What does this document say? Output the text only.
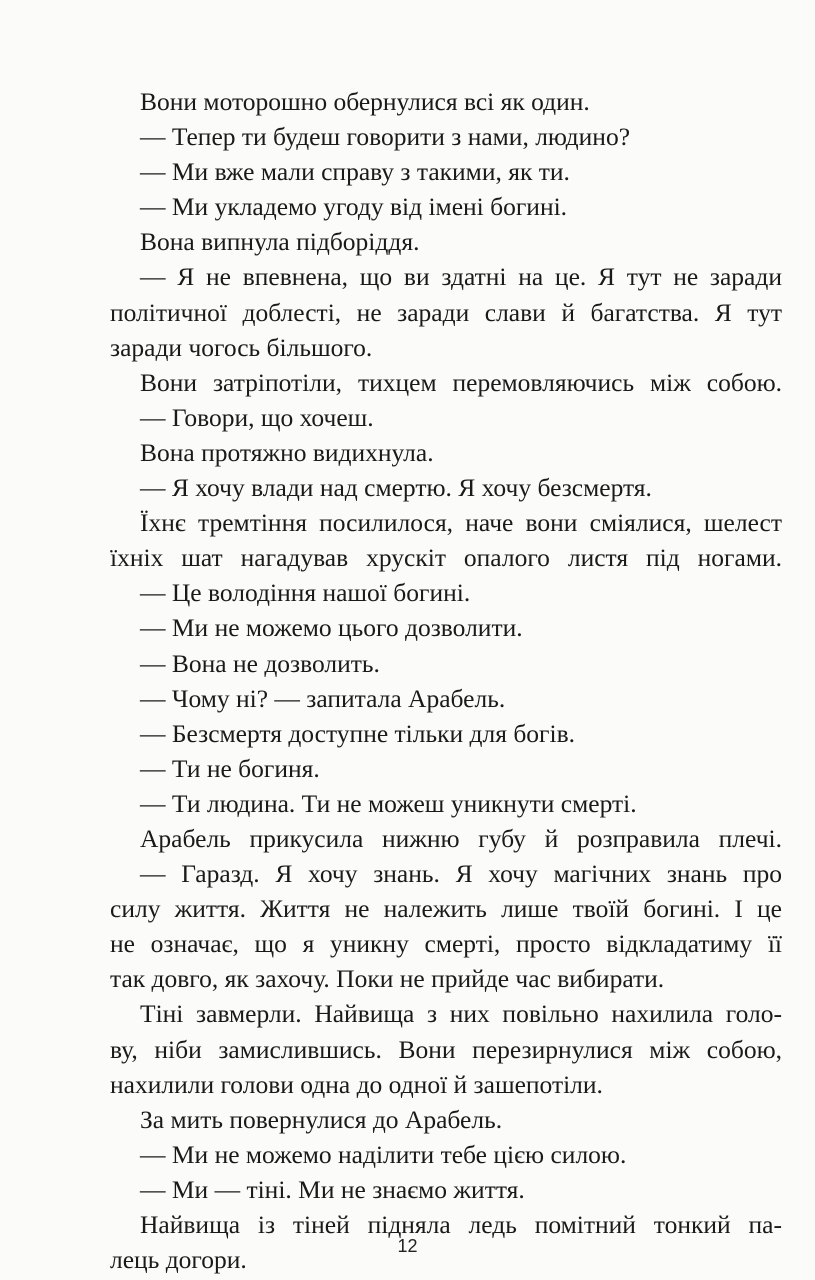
Вони моторошно обернулися всі як один.
— Тепер ти будеш говорити з нами, людино?
— Ми вже мали справу з такими, як ти.
— Ми укладемо угоду від імені богині.
Вона випнула підборіддя.
— Я не впевнена, що ви здатні на це. Я тут не заради
політичної доблесті, не заради слави й багатства. Я тут
заради чогось більшого.
Вони затріпотіли, тихцем перемовляючись між собою.
— Говори, що хочеш.
Вона протяжно видихнула.
— Я хочу влади над смертю. Я хочу безсмертя.
Їхнє тремтіння посилилося, наче вони сміялися, шелест
їхніх шат нагадував хрускіт опалого листя під ногами.
— Це володіння нашої богині.
— Ми не можемо цього дозволити.
— Вона не дозволить.
— Чому ні? — запитала Арабель.
— Безсмертя доступне тільки для богів.
— Ти не богиня.
— Ти людина. Ти не можеш уникнути смерті.
Арабель прикусила нижню губу й розправила плечі.
— Гаразд. Я хочу знань. Я хочу магічних знань про
силу життя. Життя не належить лише твоїй богині. І це
не означає, що я уникну смерті, просто відкладатиму її
так довго, як захочу. Поки не прийде час вибирати.
Тіні завмерли. Найвища з них повільно нахилила голо-
ву, ніби замислившись. Вони перезирнулися між собою,
нахилили голови одна до одної й зашепотіли.
За мить повернулися до Арабель.
— Ми не можемо наділити тебе цією силою.
— Ми — тіні. Ми не знаємо життя.
Найвища із тіней підняла ледь помітний тонкий па-
лець догори.	12
